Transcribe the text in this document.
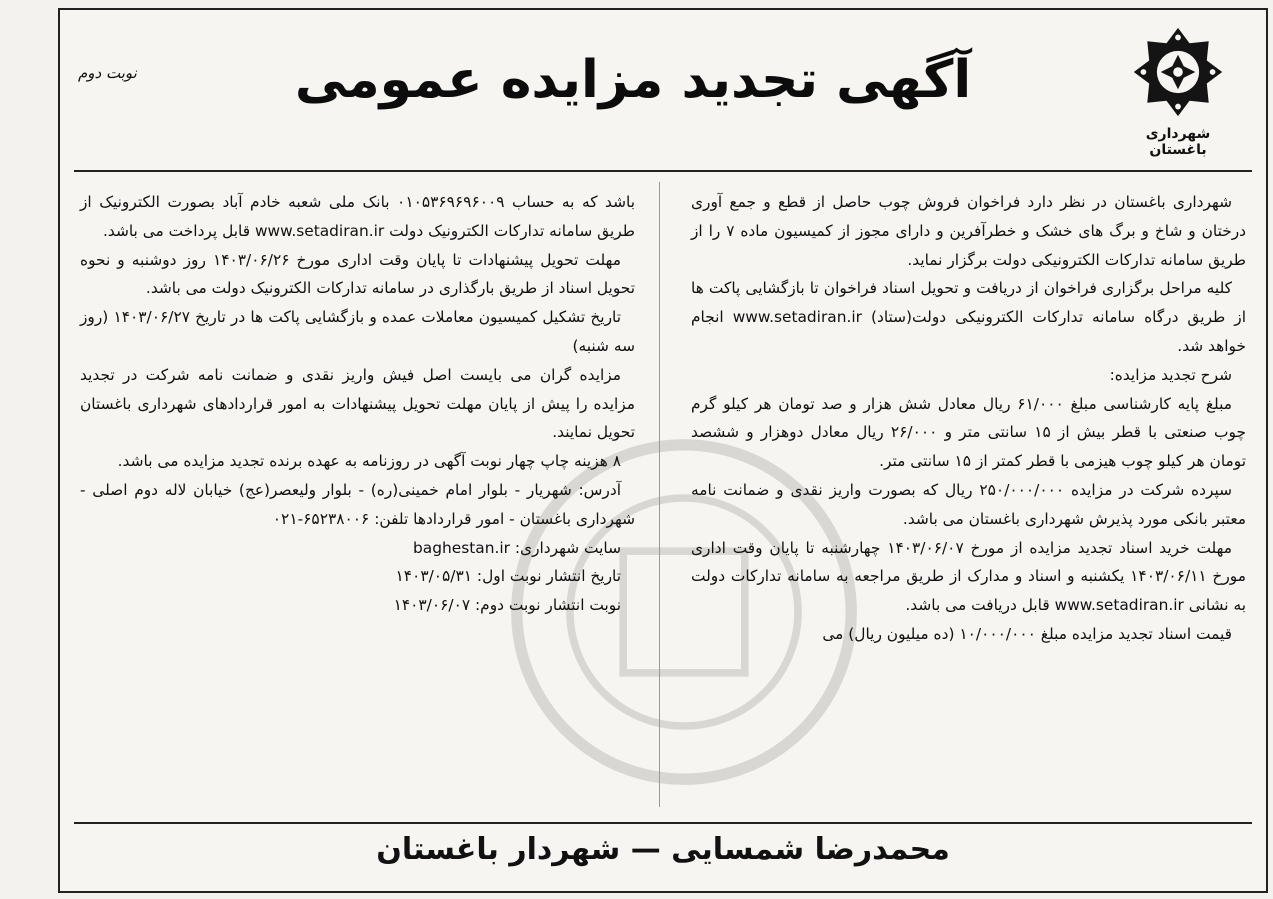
نوبت دوم	آگهی تجدید مزایده عمومی
شهرداری باغستان

شهرداری باغستان در نظر دارد فراخوان فروش چوب حاصل از قطع و جمع آوری درختان و شاخ و برگ های خشک و خطرآفرین و دارای مجوز از کمیسیون ماده ۷ را از طریق سامانه تدارکات الکترونیکی دولت برگزار نماید.

کلیه مراحل برگزاری فراخوان از دریافت و تحویل اسناد فراخوان تا بازگشایی پاکت ها از طریق درگاه سامانه تدارکات الکترونیکی دولت(ستاد) www.setadiran.ir انجام خواهد شد.

شرح تجدید مزایده:

مبلغ پایه کارشناسی مبلغ ۶۱/۰۰۰ ریال معادل شش هزار و صد تومان هر کیلو گرم چوب صنعتی با قطر بیش از ۱۵ سانتی متر و ۲۶/۰۰۰ ریال معادل دوهزار و ششصد تومان هر کیلو چوب هیزمی با قطر کمتر از ۱۵ سانتی متر.

سپرده شرکت در مزایده ۲۵۰/۰۰۰/۰۰۰ ریال که بصورت واریز نقدی و ضمانت نامه معتبر بانکی مورد پذیرش شهرداری باغستان می باشد.

مهلت خرید اسناد تجدید مزایده از مورخ ۱۴۰۳/۰۶/۰۷ چهارشنبه تا پایان وقت اداری مورخ ۱۴۰۳/۰۶/۱۱ یکشنبه و اسناد و مدارک از طریق مراجعه به سامانه تدارکات دولت به نشانی www.setadiran.ir قابل دریافت می باشد.

قیمت اسناد تجدید مزایده مبلغ ۱۰/۰۰۰/۰۰۰ (ده میلیون ریال) می

باشد که به حساب ۰۱۰۵۳۶۹۶۹۶۰۰۹ بانک ملی شعبه خادم آباد بصورت الکترونیک از طریق سامانه تدارکات الکترونیک دولت www.setadiran.ir قابل پرداخت می باشد.

مهلت تحویل پیشنهادات تا پایان وقت اداری مورخ ۱۴۰۳/۰۶/۲۶ روز دوشنبه و نحوه تحویل اسناد از طریق بارگذاری در سامانه تدارکات الکترونیک دولت می باشد.

تاریخ تشکیل کمیسیون معاملات عمده و بازگشایی پاکت ها در تاریخ ۱۴۰۳/۰۶/۲۷ (روز سه شنبه)

مزایده گران می بایست اصل فیش واریز نقدی و ضمانت نامه شرکت در تجدید مزایده را پیش از پایان مهلت تحویل پیشنهادات به امور قراردادهای شهرداری باغستان تحویل نمایند.

۸ هزینه چاپ چهار نوبت آگهی در روزنامه به عهده برنده تجدید مزایده می باشد.

آدرس: شهریار - بلوار امام خمینی(ره) - بلوار ولیعصر(عج) خیابان لاله دوم اصلی - شهرداری باغستان - امور قراردادها تلفن: ۶۵۲۳۸۰۰۶-۰۲۱

سایت شهرداری: baghestan.ir

تاریخ انتشار نوبت اول: ۱۴۰۳/۰۵/۳۱

نوبت انتشار نوبت دوم: ۱۴۰۳/۰۶/۰۷

محمدرضا شمسایی — شهردار باغستان
